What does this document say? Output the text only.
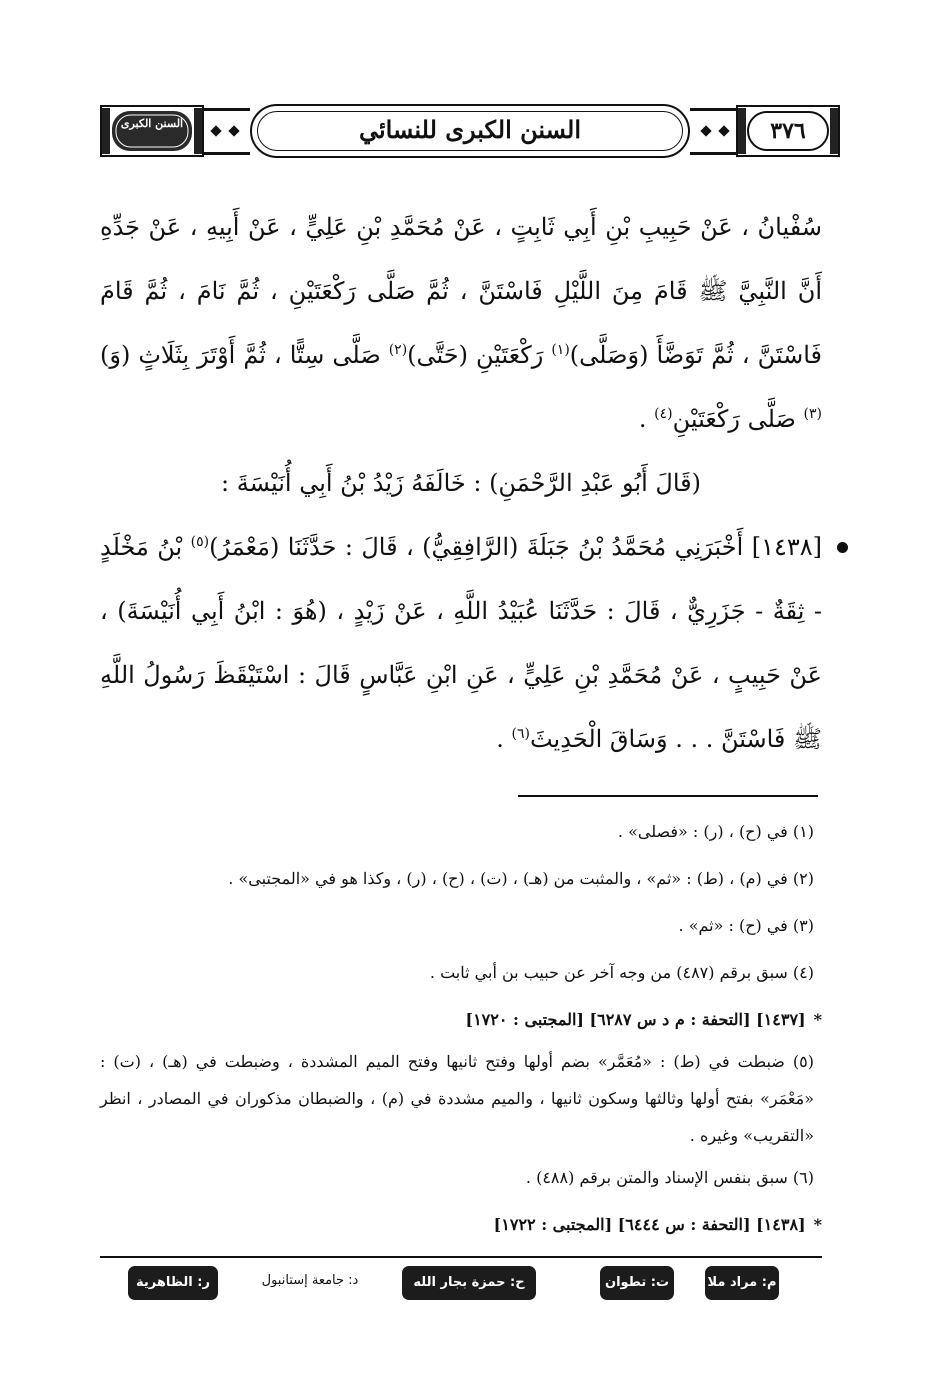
٣٧٦
السنن الكبرى	السنن الكبرى للنسائي

سُفْيانُ ، عَنْ حَبِيبِ بْنِ أَبِي ثَابِتٍ ، عَنْ مُحَمَّدِ بْنِ عَلِيٍّ ، عَنْ أَبِيهِ ، عَنْ جَدِّهِ أَنَّ النَّبِيَّ ﷺ قَامَ مِنَ اللَّيْلِ فَاسْتَنَّ ، ثُمَّ صَلَّى رَكْعَتَيْنِ ، ثُمَّ نَامَ ، ثُمَّ قَامَ فَاسْتَنَّ ، ثُمَّ تَوَضَّأَ (وَصَلَّى)$^{(١)}$ رَكْعَتَيْنِ (حَتَّى)$^{(٢)}$ صَلَّى سِتًّا ، ثُمَّ أَوْتَرَ بِثَلَاثٍ (وَ)$^{(٣)}$ صَلَّى رَكْعَتَيْنِ$^{(٤)}$ .

(قَالَ أَبُو عَبْدِ الرَّحْمَنِ) : خَالَفَهُ زَيْدُ بْنُ أَبِي أُنَيْسَةَ :

[١٤٣٨] أَخْبَرَنِي مُحَمَّدُ بْنُ جَبَلَةَ (الرَّافِقِيُّ) ، قَالَ : حَدَّثَنَا (مَعْمَرُ)$^{(٥)}$ بْنُ مَخْلَدٍ - ثِقَةٌ - جَزَرِيٌّ ، قَالَ : حَدَّثَنَا عُبَيْدُ اللَّهِ ، عَنْ زَيْدٍ ، (هُوَ : ابْنُ أَبِي أُنَيْسَةَ) ، عَنْ حَبِيبٍ ، عَنْ مُحَمَّدِ بْنِ عَلِيٍّ ، عَنِ ابْنِ عَبَّاسٍ قَالَ : اسْتَيْقَظَ رَسُولُ اللَّهِ ﷺ فَاسْتَنَّ . . . وَسَاقَ الْحَدِيثَ$^{(٦)}$ .

(١) في (ح) ، (ر) : «فصلى» .

(٢) في (م) ، (ط) : «ثم» ، والمثبت من (هـ) ، (ت) ، (ح) ، (ر) ، وكذا هو في «المجتبى» .

(٣) في (ح) : «ثم» .

(٤) سبق برقم (٤٨٧) من وجه آخر عن حبيب بن أبي ثابت .

*[١٤٣٧] [التحفة : م د س ٦٢٨٧] [المجتبى : ١٧٢٠]

(٥) ضبطت في (ط) : «مُعَمَّر» بضم أولها وفتح ثانيها وفتح الميم المشددة ، وضبطت في (هـ) ، (ت) : «مَعْمَر» بفتح أولها وثالثها وسكون ثانيها ، والميم مشددة في (م) ، والضبطان مذكوران في المصادر ، انظر «التقريب» وغيره .

(٦) سبق بنفس الإسناد والمتن برقم (٤٨٨) .

*[١٤٣٨] [التحفة : س ٦٤٤٤] [المجتبى : ١٧٢٢]

م: مراد ملا
ت: تطوان
ح: حمزة بجار الله
د: جامعة إستانبول
ر: الظاهرية
